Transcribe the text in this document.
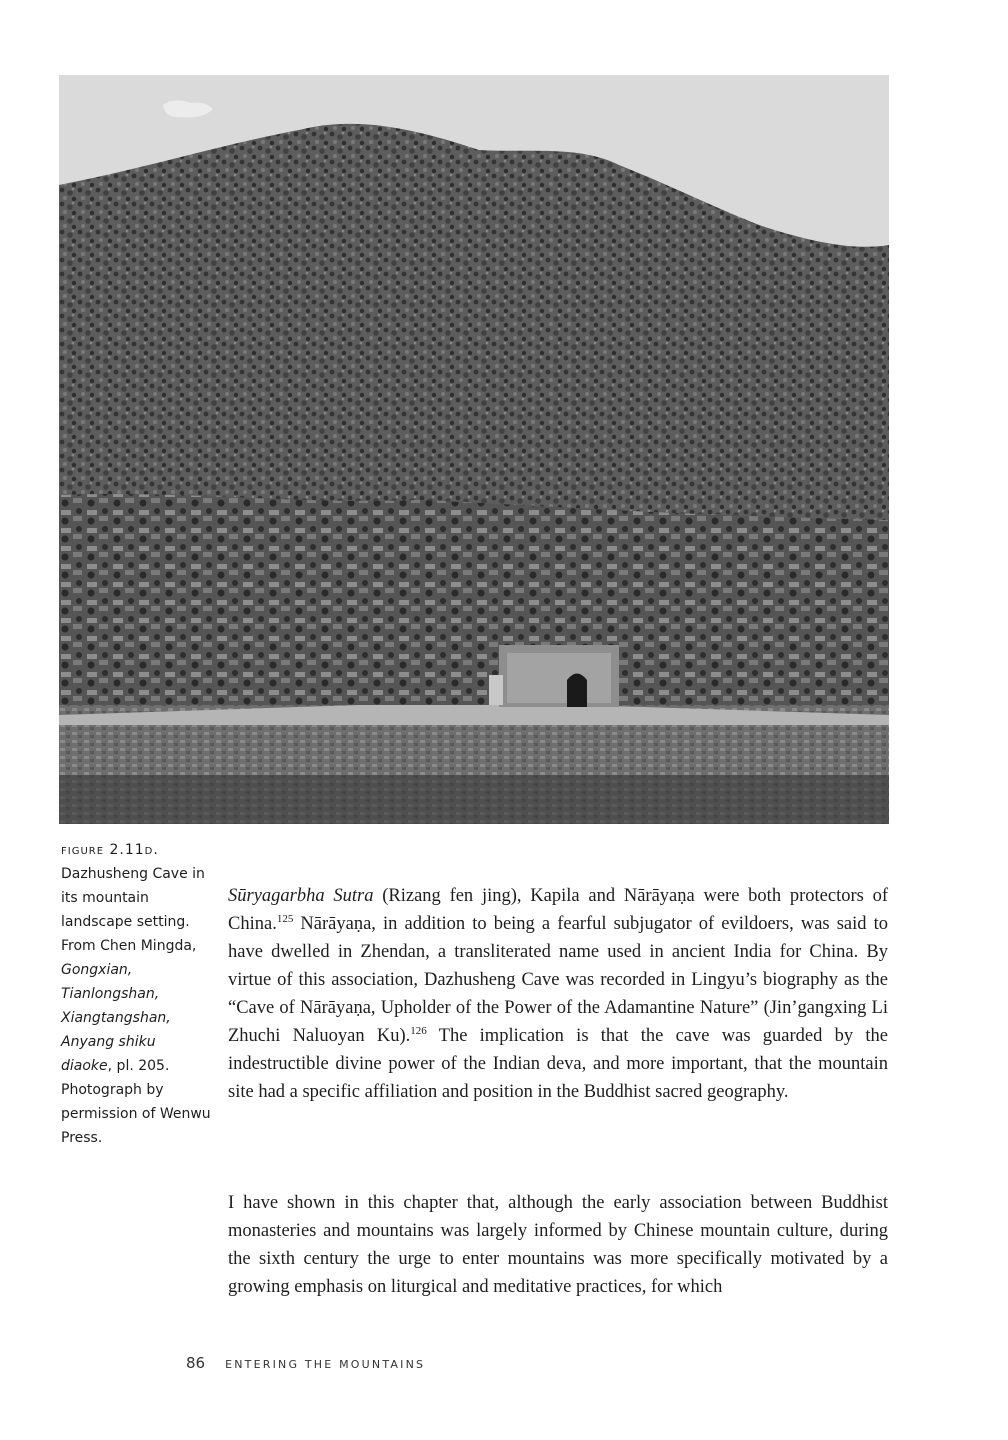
figure 2.11d. Dazhusheng Cave in its mountain landscape setting. From Chen Mingda, Gongxian, Tianlongshan, Xiangtangshan, Anyang shiku diaoke, pl. 205. Photograph by permission of Wenwu Press.
Sūryagarbha Sutra (Rizang fen jing), Kapila and Nārāyaṇa were both protectors of China.$^{125}$ Nārāyaṇa, in addition to being a fearful subjugator of evildoers, was said to have dwelled in Zhendan, a transliterated name used in ancient India for China. By virtue of this association, Dazhusheng Cave was recorded in Lingyu’s biography as the “Cave of Nārāyaṇa, Upholder of the Power of the Adamantine Nature” (Jin’gangxing Li Zhuchi Naluoyan Ku).$^{126}$ The implication is that the cave was guarded by the indestructible divine power of the Indian deva, and more important, that the mountain site had a specific affiliation and position in the Buddhist sacred geography.
I have shown in this chapter that, although the early association between Buddhist monasteries and mountains was largely informed by Chinese mountain culture, during the sixth century the urge to enter mountains was more specifically motivated by a growing emphasis on liturgical and meditative practices, for which
86 ENTERING THE MOUNTAINS
